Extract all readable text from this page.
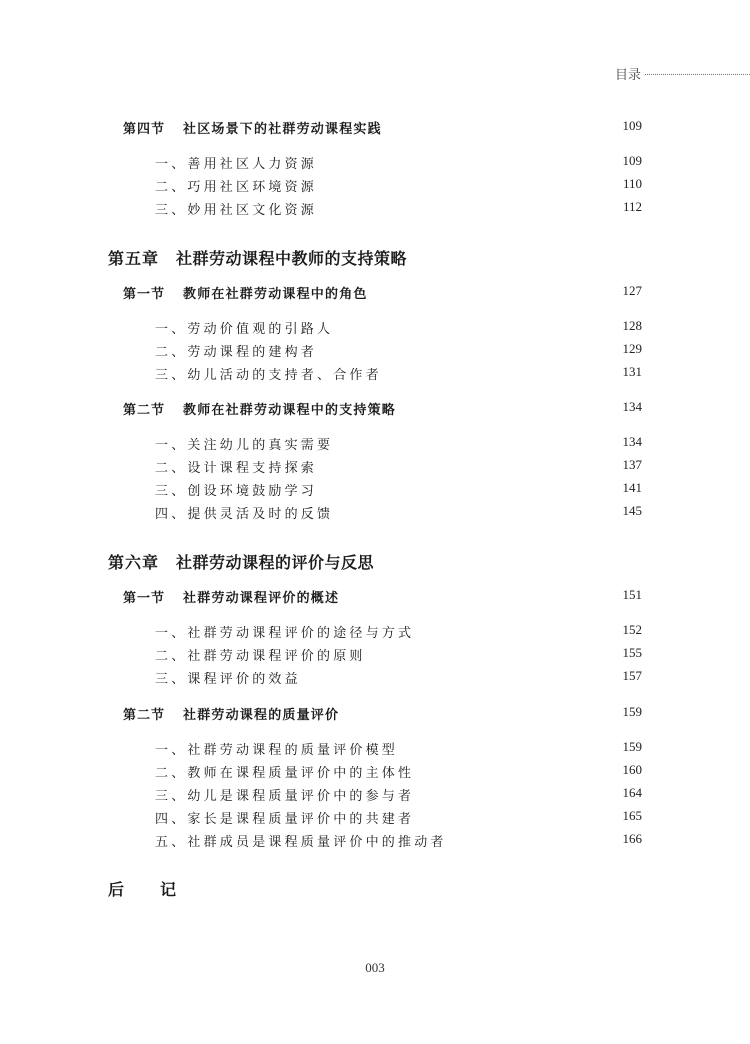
目录
第四节 社区场景下的社群劳动课程实践	109
一、善用社区人力资源	109
二、巧用社区环境资源	110
三、妙用社区文化资源	112
第五章 社群劳动课程中教师的支持策略
第一节 教师在社群劳动课程中的角色	127
一、劳动价值观的引路人	128
二、劳动课程的建构者	129
三、幼儿活动的支持者、合作者	131
第二节 教师在社群劳动课程中的支持策略	134
一、关注幼儿的真实需要	134
二、设计课程支持探索	137
三、创设环境鼓励学习	141
四、提供灵活及时的反馈	145
第六章 社群劳动课程的评价与反思
第一节 社群劳动课程评价的概述	151
一、社群劳动课程评价的途径与方式	152
二、社群劳动课程评价的原则	155
三、课程评价的效益	157
第二节 社群劳动课程的质量评价	159
一、社群劳动课程的质量评价模型	159
二、教师在课程质量评价中的主体性	160
三、幼儿是课程质量评价中的参与者	164
四、家长是课程质量评价中的共建者	165
五、社群成员是课程质量评价中的推动者	166
后记
003
